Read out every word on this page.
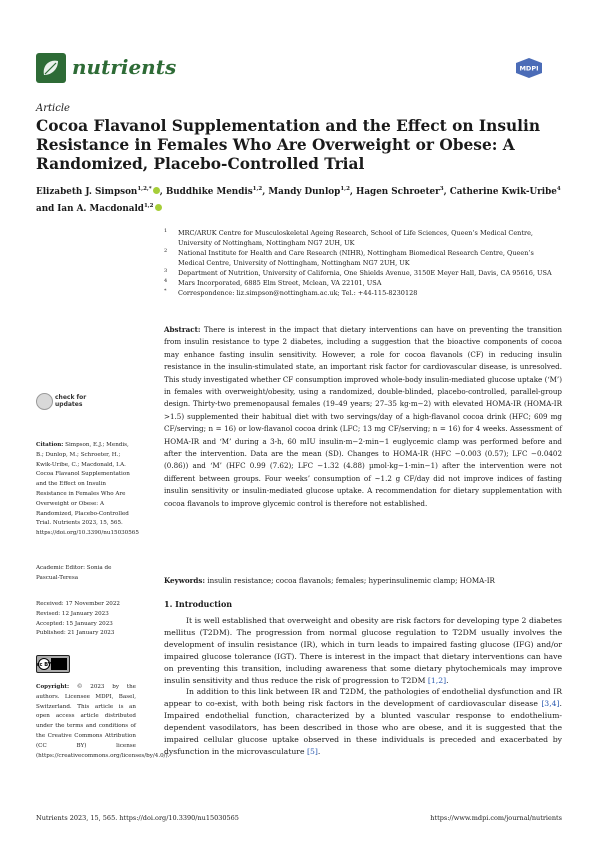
nutrients	MDPI
Article
Cocoa Flavanol Supplementation and the Effect on Insulin Resistance in Females Who Are Overweight or Obese: A Randomized, Placebo-Controlled Trial
Elizabeth J. Simpson$^{1,2,*}$ , Buddhike Mendis$^{1,2}$, Mandy Dunlop$^{1,2}$, Hagen Schroeter$^3$, Catherine Kwik-Uribe$^4$
and Ian A. Macdonald$^{1,2}$
1 MRC/ARUK Centre for Musculoskeletal Ageing Research, School of Life Sciences, Queen’s Medical Centre, University of Nottingham, Nottingham NG7 2UH, UK
2 National Institute for Health and Care Research (NIHR), Nottingham Biomedical Research Centre, Queen’s Medical Centre, University of Nottingham, Nottingham NG7 2UH, UK
3 Department of Nutrition, University of California, One Shields Avenue, 3150E Meyer Hall, Davis, CA 95616, USA
4 Mars Incorporated, 6885 Elm Street, Mclean, VA 22101, USA
* Correspondence: liz.simpson@nottingham.ac.uk; Tel.: +44-115-8230128

Abstract: There is interest in the impact that dietary interventions can have on preventing the transition from insulin resistance to type 2 diabetes, including a suggestion that the bioactive components of cocoa may enhance fasting insulin sensitivity. However, a role for cocoa flavanols (CF) in reducing insulin resistance in the insulin-stimulated state, an important risk factor for cardiovascular disease, is unresolved. This study investigated whether CF consumption improved whole-body insulin-mediated glucose uptake (‘M’) in females with overweight/obesity, using a randomized, double-blinded, placebo-controlled, parallel-group design. Thirty-two premenopausal females (19–49 years; 27–35 kg·m−2) with elevated HOMA-IR (HOMA-IR >1.5) supplemented their habitual diet with two servings/day of a high-flavanol cocoa drink (HFC; 609 mg CF/serving; n = 16) or low-flavanol cocoa drink (LFC; 13 mg CF/serving; n = 16) for 4 weeks. Assessment of HOMA-IR and ‘M’ during a 3-h, 60 mIU insulin·m−2·min−1 euglycemic clamp was performed before and after the intervention. Data are the mean (SD). Changes to HOMA-IR (HFC −0.003 (0.57); LFC −0.0402 (0.86)) and ‘M’ (HFC 0.99 (7.62); LFC −1.32 (4.88) µmol·kg−1·min−1) after the intervention were not different between groups. Four weeks’ consumption of ~1.2 g CF/day did not improve indices of fasting insulin sensitivity or insulin-mediated glucose uptake. A recommendation for dietary supplementation with cocoa flavanols to improve glycemic control is therefore not established.

Keywords: insulin resistance; cocoa flavanols; females; hyperinsulinemic clamp; HOMA-IR

check for
updates

Citation: Simpson, E.J.; Mendis, B.; Dunlop, M.; Schroeter, H.; Kwik-Uribe, C.; Macdonald, I.A. Cocoa Flavanol Supplementation and the Effect on Insulin Resistance in Females Who Are Overweight or Obese: A Randomized, Placebo-Controlled Trial. Nutrients 2023, 15, 565. https://doi.org/10.3390/nu15030565

Academic Editor: Sonia de Pascual-Teresa

Received: 17 November 2022
Revised: 12 January 2023
Accepted: 15 January 2023
Published: 21 January 2023

cc BY

Copyright: © 2023 by the authors. Licensee MDPI, Basel, Switzerland. This article is an open access article distributed under the terms and conditions of the Creative Commons Attribution (CC BY) license (https://creativecommons.org/licenses/by/4.0/).

1. Introduction

It is well established that overweight and obesity are risk factors for developing type 2 diabetes mellitus (T2DM). The progression from normal glucose regulation to T2DM usually involves the development of insulin resistance (IR), which in turn leads to impaired fasting glucose (IFG) and/or impaired glucose tolerance (IGT). There is interest in the impact that dietary interventions can have on preventing this transition, including awareness that some dietary phytochemicals may improve insulin sensitivity and thus reduce the risk of progression to T2DM [1,2].

In addition to this link between IR and T2DM, the pathologies of endothelial dysfunction and IR appear to co-exist, with both being risk factors in the development of cardiovascular disease [3,4]. Impaired endothelial function, characterized by a blunted vascular response to endothelium-dependent vasodilators, has been described in those who are obese, and it is suggested that the impaired cellular glucose uptake observed in these individuals is preceded and exacerbated by dysfunction in the microvasculature [5].

Nutrients 2023, 15, 565. https://doi.org/10.3390/nu15030565	https://www.mdpi.com/journal/nutrients
